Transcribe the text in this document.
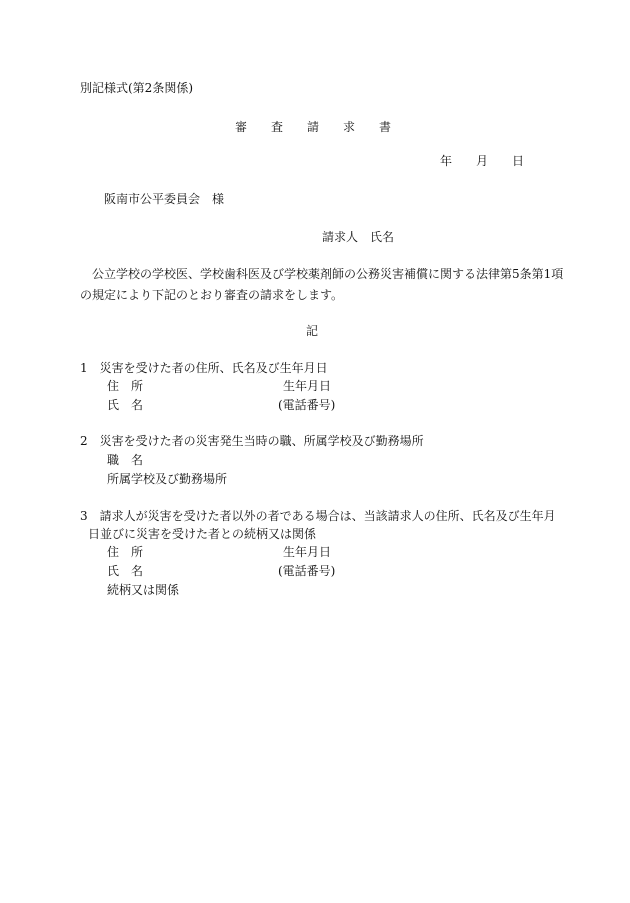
別記様式(第2条関係)
審　査　請　求　書
年　　月　　日
阪南市公平委員会　様
請求人　氏名
　公立学校の学校医、学校歯科医及び学校薬剤師の公務災害補償に関する法律第5条第1項
の規定により下記のとおり審査の請求をします。
記
1　災害を受けた者の住所、氏名及び生年月日
住　所	生年月日
氏　名	(電話番号)
2　災害を受けた者の災害発生当時の職、所属学校及び勤務場所
職　名
所属学校及び勤務場所
3　請求人が災害を受けた者以外の者である場合は、当該請求人の住所、氏名及び生年月
日並びに災害を受けた者との続柄又は関係
住　所	生年月日
氏　名	(電話番号)
続柄又は関係
